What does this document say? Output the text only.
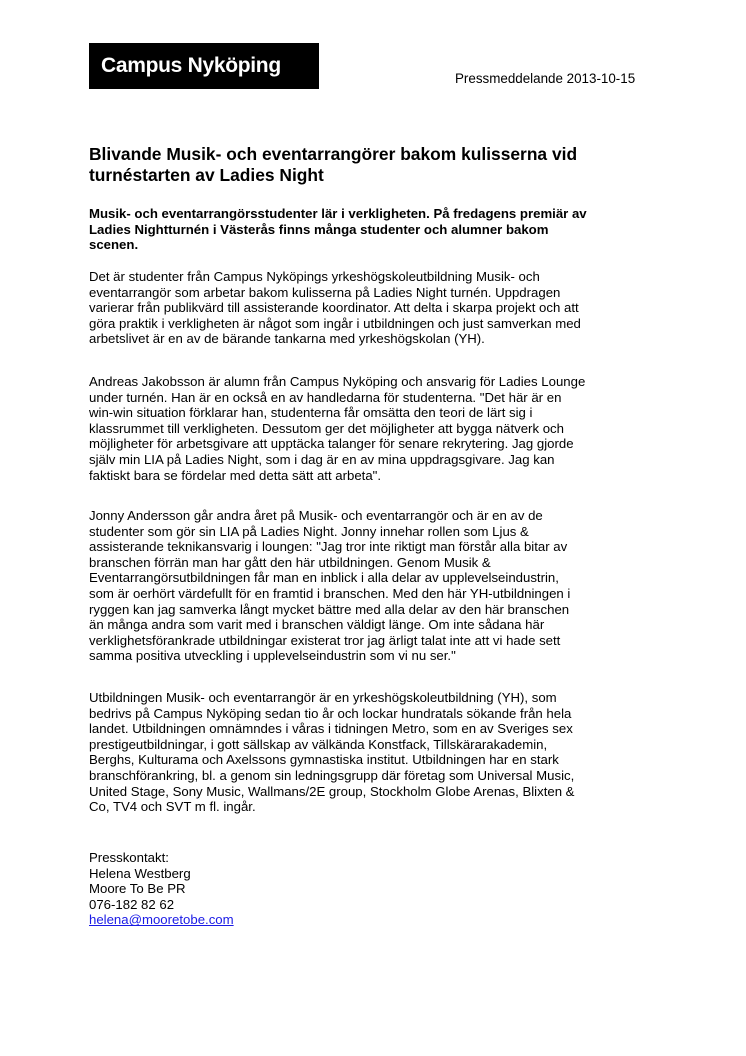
Campus Nyköping
Pressmeddelande 2013-10-15
Blivande Musik- och eventarrangörer bakom kulisserna vid
turnéstarten av Ladies Night

Musik- och eventarrangörsstudenter lär i verkligheten. På fredagens premiär av
Ladies Nightturnén i Västerås finns många studenter och alumner bakom
scenen.

Det är studenter från Campus Nyköpings yrkeshögskoleutbildning Musik- och
eventarrangör som arbetar bakom kulisserna på Ladies Night turnén. Uppdragen
varierar från publikvärd till assisterande koordinator. Att delta i skarpa projekt och att
göra praktik i verkligheten är något som ingår i utbildningen och just samverkan med
arbetslivet är en av de bärande tankarna med yrkeshögskolan (YH).

Andreas Jakobsson är alumn från Campus Nyköping och ansvarig för Ladies Lounge
under turnén. Han är en också en av handledarna för studenterna. "Det här är en
win-win situation förklarar han, studenterna får omsätta den teori de lärt sig i
klassrummet till verkligheten. Dessutom ger det möjligheter att bygga nätverk och
möjligheter för arbetsgivare att upptäcka talanger för senare rekrytering. Jag gjorde
själv min LIA på Ladies Night, som i dag är en av mina uppdragsgivare. Jag kan
faktiskt bara se fördelar med detta sätt att arbeta".

Jonny Andersson går andra året på Musik- och eventarrangör och är en av de
studenter som gör sin LIA på Ladies Night. Jonny innehar rollen som Ljus &
assisterande teknikansvarig i loungen: "Jag tror inte riktigt man förstår alla bitar av
branschen förrän man har gått den här utbildningen. Genom Musik &
Eventarrangörsutbildningen får man en inblick i alla delar av upplevelseindustrin,
som är oerhört värdefullt för en framtid i branschen. Med den här YH-utbildningen i
ryggen kan jag samverka långt mycket bättre med alla delar av den här branschen
än många andra som varit med i branschen väldigt länge. Om inte sådana här
verklighetsförankrade utbildningar existerat tror jag ärligt talat inte att vi hade sett
samma positiva utveckling i upplevelseindustrin som vi nu ser."

Utbildningen Musik- och eventarrangör är en yrkeshögskoleutbildning (YH), som
bedrivs på Campus Nyköping sedan tio år och lockar hundratals sökande från hela
landet. Utbildningen omnämndes i våras i tidningen Metro, som en av Sveriges sex
prestigeutbildningar, i gott sällskap av välkända Konstfack, Tillskärarakademin,
Berghs, Kulturama och Axelssons gymnastiska institut. Utbildningen har en stark
branschförankring, bl. a genom sin ledningsgrupp där företag som Universal Music,
United Stage, Sony Music, Wallmans/2E group, Stockholm Globe Arenas, Blixten &
Co, TV4 och SVT m fl. ingår.

Presskontakt:
Helena Westberg
Moore To Be PR
076-182 82 62
helena@mooretobe.com
